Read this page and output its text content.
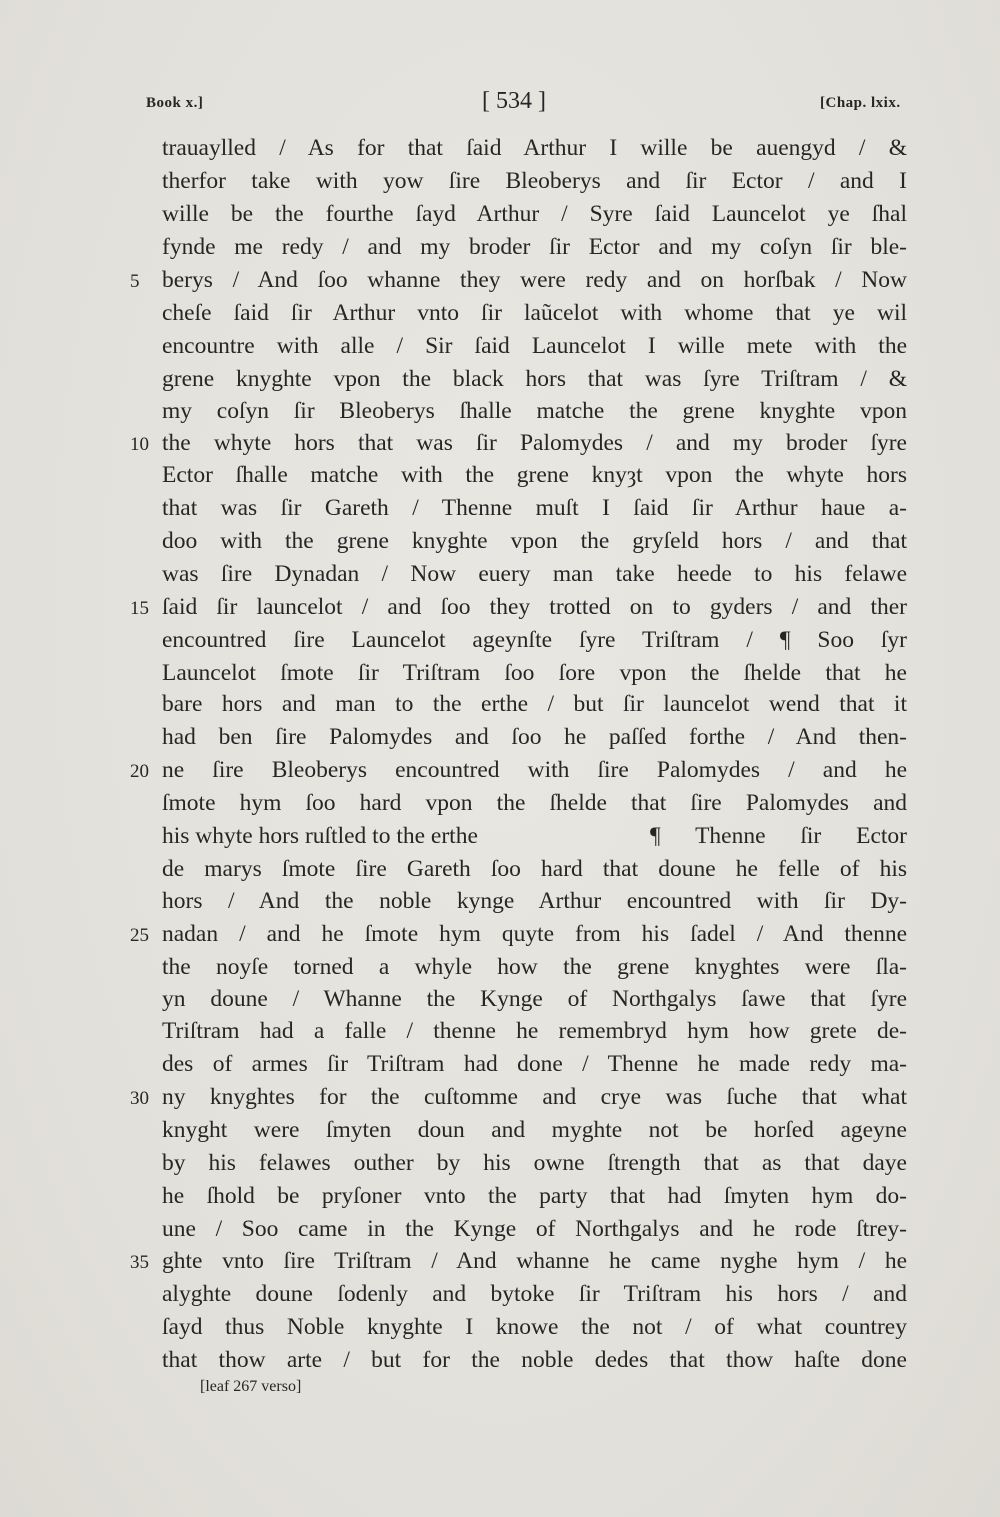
Book x.]	[ 534 ]	[Chap. lxix.
trauaylled / As for that ſaid Arthur I wille be auengyd / &
therfor take with yow ſire Bleoberys and ſir Ector / and I
wille be the fourthe ſayd Arthur / Syre ſaid Launcelot ye ſhal
fynde me redy / and my broder ſir Ector and my coſyn ſir ble-
berys / And ſoo whanne they were redy and on horſbak / Now
cheſe ſaid ſir Arthur vnto ſir laũcelot with whome that ye wil
encountre with alle / Sir ſaid Launcelot I wille mete with the
grene knyghte vpon the black hors that was ſyre Triſtram / &
my coſyn ſir Bleoberys ſhalle matche the grene knyghte vpon
the whyte hors that was ſir Palomydes / and my broder ſyre
Ector ſhalle matche with the grene knyȝt vpon the whyte hors
that was ſir Gareth / Thenne muſt I ſaid ſir Arthur haue a-
doo with the grene knyghte vpon the gryſeld hors / and that
was ſire Dynadan / Now euery man take heede to his felawe
ſaid ſir launcelot / and ſoo they trotted on to gyders / and ther
encountred ſire Launcelot ageynſte ſyre Triſtram / ¶ Soo ſyr
Launcelot ſmote ſir Triſtram ſoo ſore vpon the ſhelde that he
bare hors and man to the erthe / but ſir launcelot wend that it
had ben ſire Palomydes and ſoo he paſſed forthe / And then-
ne ſire Bleoberys encountred with ſire Palomydes / and he
ſmote hym ſoo hard vpon the ſhelde that ſire Palomydes and
his whyte hors ruſtled to the erthe	¶ Thenne ſir Ector
de marys ſmote ſire Gareth ſoo hard that doune he felle of his
hors / And the noble kynge Arthur encountred with ſir Dy-
nadan / and he ſmote hym quyte from his ſadel / And thenne
the noyſe torned a whyle how the grene knyghtes were ſla-
yn doune / Whanne the Kynge of Northgalys ſawe that ſyre
Triſtram had a falle / thenne he remembryd hym how grete de-
des of armes ſir Triſtram had done / Thenne he made redy ma-
ny knyghtes for the cuſtomme and crye was ſuche that what
knyght were ſmyten doun and myghte not be horſed ageyne
by his felawes outher by his owne ſtrength that as that daye
he ſhold be pryſoner vnto the party that had ſmyten hym do-
une / Soo came in the Kynge of Northgalys and he rode ſtrey-
ghte vnto ſire Triſtram / And whanne he came nyghe hym / he
alyghte doune ſodenly and bytoke ſir Triſtram his hors / and
ſayd thus Noble knyghte I knowe the not / of what countrey
that thow arte / but for the noble dedes that thow haſte done
5
10
15
20
25
30
35
[leaf 267 verso]
